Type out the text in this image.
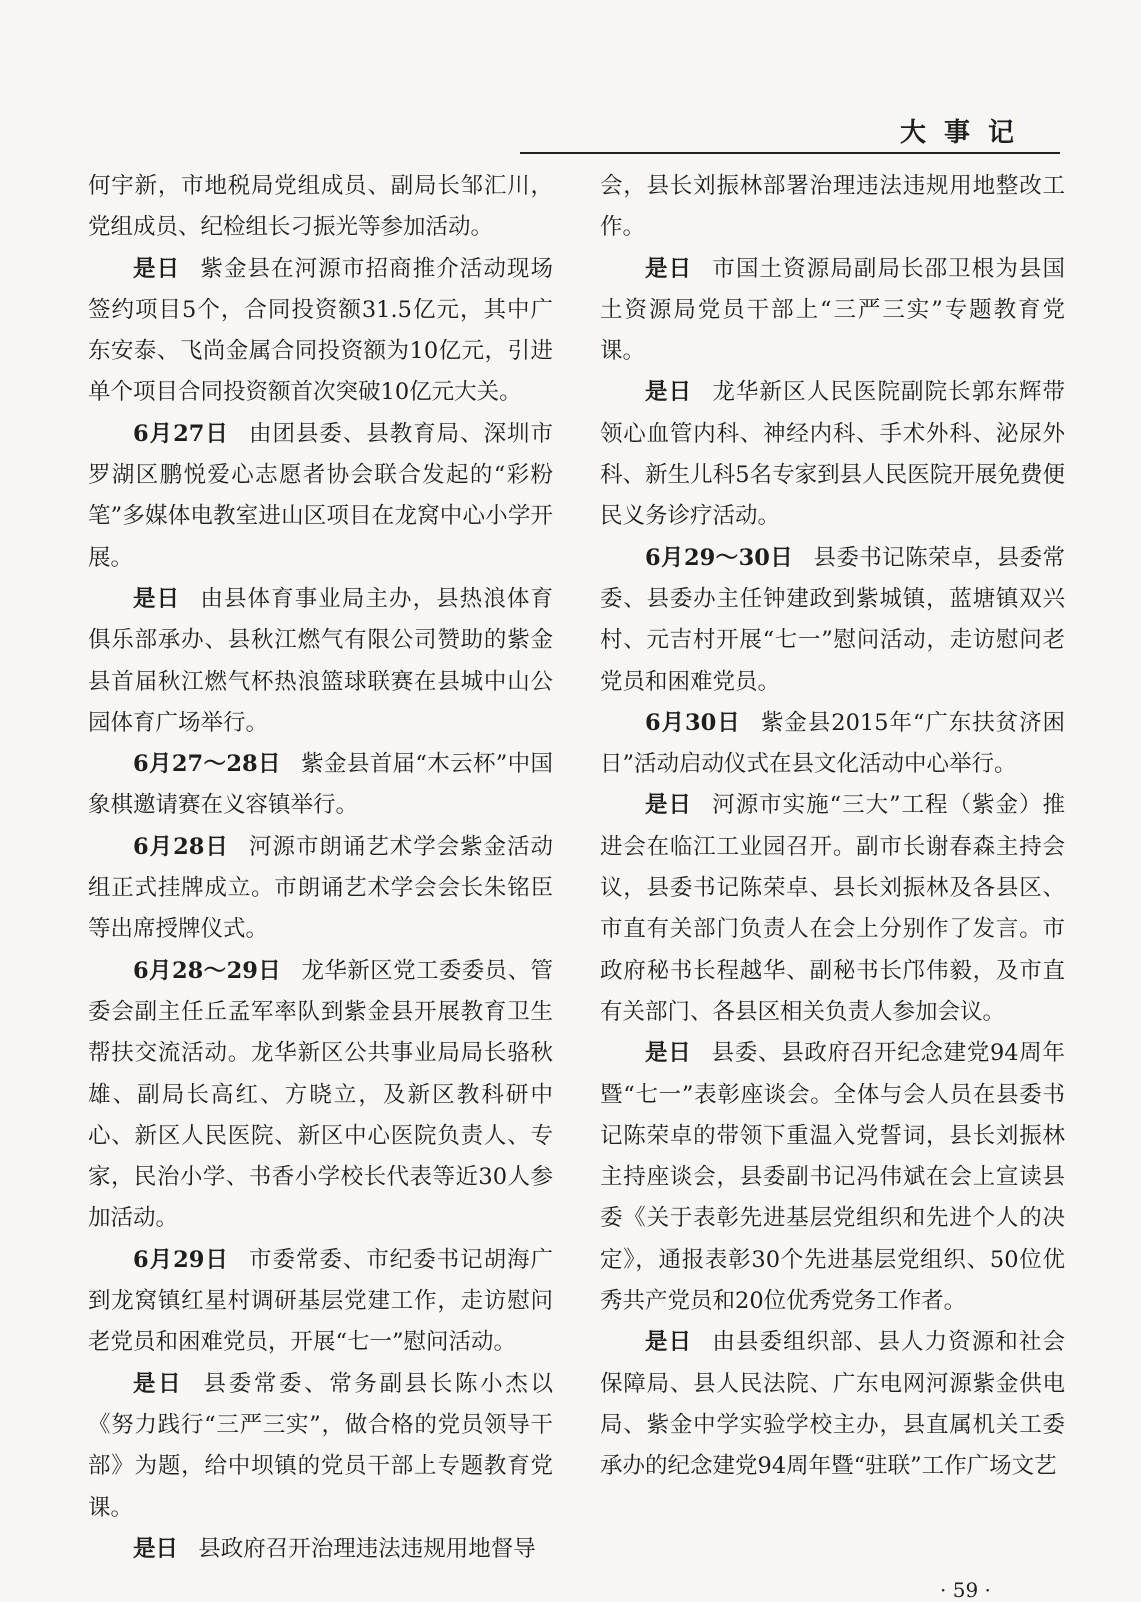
大事记

何宇新，市地税局党组成员、副局长邹汇川，党组成员、纪检组长刁振光等参加活动。

是日 紫金县在河源市招商推介活动现场签约项目5个，合同投资额31.5亿元，其中广东安泰、飞尚金属合同投资额为10亿元，引进单个项目合同投资额首次突破10亿元大关。

6月27日 由团县委、县教育局、深圳市罗湖区鹏悦爱心志愿者协会联合发起的“彩粉笔”多媒体电教室进山区项目在龙窝中心小学开展。

是日 由县体育事业局主办，县热浪体育俱乐部承办、县秋江燃气有限公司赞助的紫金县首届秋江燃气杯热浪篮球联赛在县城中山公园体育广场举行。

6月27～28日 紫金县首届“木云杯”中国象棋邀请赛在义容镇举行。

6月28日 河源市朗诵艺术学会紫金活动组正式挂牌成立。市朗诵艺术学会会长朱铭臣等出席授牌仪式。

6月28～29日 龙华新区党工委委员、管委会副主任丘孟军率队到紫金县开展教育卫生帮扶交流活动。龙华新区公共事业局局长骆秋雄、副局长高红、方晓立，及新区教科研中心、新区人民医院、新区中心医院负责人、专家，民治小学、书香小学校长代表等近30人参加活动。

6月29日 市委常委、市纪委书记胡海广到龙窝镇红星村调研基层党建工作，走访慰问老党员和困难党员，开展“七一”慰问活动。

是日 县委常委、常务副县长陈小杰以《努力践行“三严三实”，做合格的党员领导干部》为题，给中坝镇的党员干部上专题教育党课。

是日 县政府召开治理违法违规用地督导

会，县长刘振林部署治理违法违规用地整改工作。

是日 市国土资源局副局长邵卫根为县国土资源局党员干部上“三严三实”专题教育党课。

是日 龙华新区人民医院副院长郭东辉带领心血管内科、神经内科、手术外科、泌尿外科、新生儿科5名专家到县人民医院开展免费便民义务诊疗活动。

6月29～30日 县委书记陈荣卓，县委常委、县委办主任钟建政到紫城镇，蓝塘镇双兴村、元吉村开展“七一”慰问活动，走访慰问老党员和困难党员。

6月30日 紫金县2015年“广东扶贫济困日”活动启动仪式在县文化活动中心举行。

是日 河源市实施“三大”工程（紫金）推进会在临江工业园召开。副市长谢春森主持会议，县委书记陈荣卓、县长刘振林及各县区、市直有关部门负责人在会上分别作了发言。市政府秘书长程越华、副秘书长邝伟毅，及市直有关部门、各县区相关负责人参加会议。

是日 县委、县政府召开纪念建党94周年暨“七一”表彰座谈会。全体与会人员在县委书记陈荣卓的带领下重温入党誓词，县长刘振林主持座谈会，县委副书记冯伟斌在会上宣读县委《关于表彰先进基层党组织和先进个人的决定》，通报表彰30个先进基层党组织、50位优秀共产党员和20位优秀党务工作者。

是日 由县委组织部、县人力资源和社会保障局、县人民法院、广东电网河源紫金供电局、紫金中学实验学校主办，县直属机关工委承办的纪念建党94周年暨“驻联”工作广场文艺

· 59 ·
